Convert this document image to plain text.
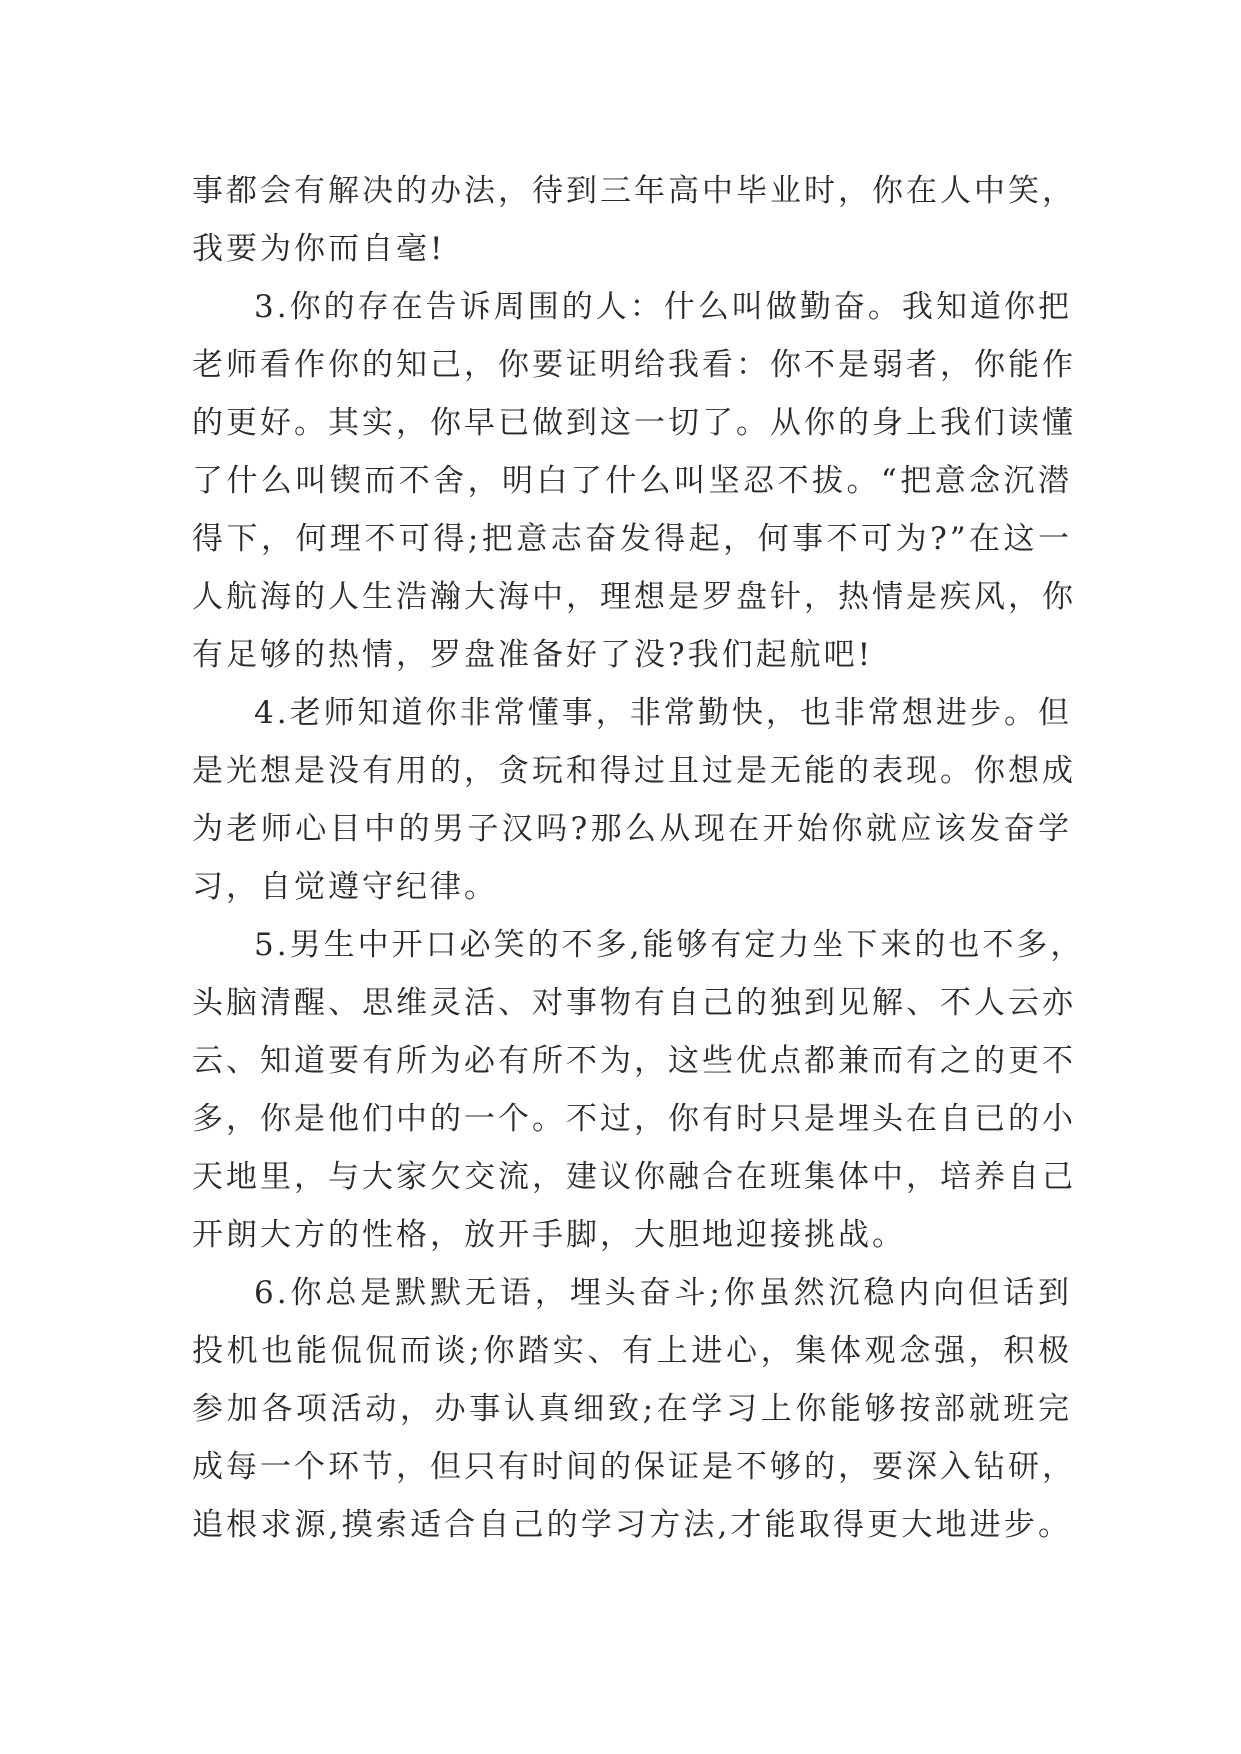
事都会有解决的办法，待到三年高中毕业时，你在人中笑，
我要为你而自毫!
3.你的存在告诉周围的人：什么叫做勤奋。我知道你把
老师看作你的知己，你要证明给我看：你不是弱者，你能作
的更好。其实，你早已做到这一切了。从你的身上我们读懂
了什么叫锲而不舍，明白了什么叫坚忍不拔。“把意念沉潜
得下，何理不可得;把意志奋发得起，何事不可为?”在这一
人航海的人生浩瀚大海中，理想是罗盘针，热情是疾风，你
有足够的热情，罗盘准备好了没?我们起航吧!
4.老师知道你非常懂事，非常勤快，也非常想进步。但
是光想是没有用的，贪玩和得过且过是无能的表现。你想成
为老师心目中的男子汉吗?那么从现在开始你就应该发奋学
习，自觉遵守纪律。
5.男生中开口必笑的不多,能够有定力坐下来的也不多，
头脑清醒、思维灵活、对事物有自己的独到见解、不人云亦
云、知道要有所为必有所不为，这些优点都兼而有之的更不
多，你是他们中的一个。不过，你有时只是埋头在自已的小
天地里，与大家欠交流，建议你融合在班集体中，培养自己
开朗大方的性格，放开手脚，大胆地迎接挑战。
6.你总是默默无语，埋头奋斗;你虽然沉稳内向但话到
投机也能侃侃而谈;你踏实、有上进心，集体观念强，积极
参加各项活动，办事认真细致;在学习上你能够按部就班完
成每一个环节，但只有时间的保证是不够的，要深入钻研，
追根求源,摸索适合自己的学习方法,才能取得更大地进步。
